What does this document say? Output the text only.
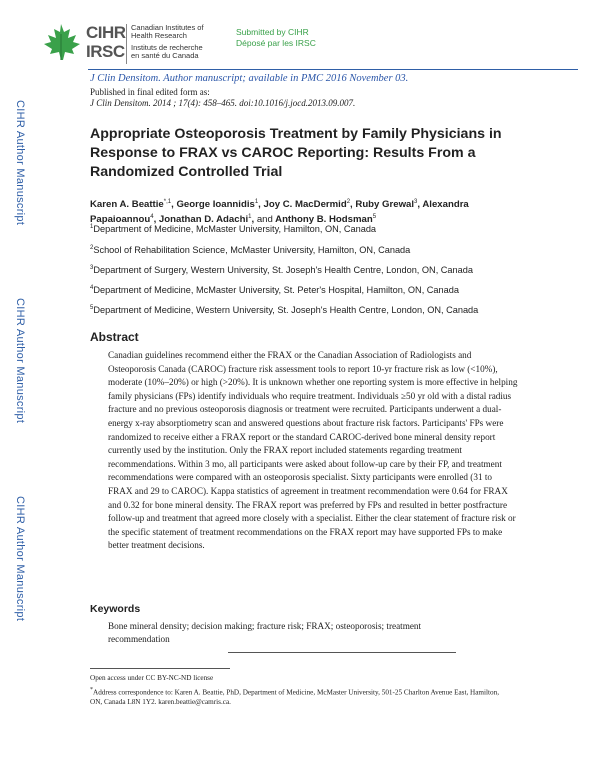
CIHR
IRSC
Canadian Institutes of
Health Research
Instituts de recherche
en santé du Canada
Submitted by CIHR
Déposé par les IRSC
J Clin Densitom. Author manuscript; available in PMC 2016 November 03.
Published in final edited form as:
J Clin Densitom. 2014 ; 17(4): 458–465. doi:10.1016/j.jocd.2013.09.007.
CIHR Author Manuscript
CIHR Author Manuscript
CIHR Author Manuscript
Appropriate Osteoporosis Treatment by Family Physicians in Response to FRAX vs CAROC Reporting: Results From a Randomized Controlled Trial
Karen A. Beattie$^{*,1}$, George Ioannidis$^1$, Joy C. MacDermid$^2$, Ruby Grewal$^3$, Alexandra Papaioannou$^4$, Jonathan D. Adachi$^1$, and Anthony B. Hodsman$^5$
$^1$Department of Medicine, McMaster University, Hamilton, ON, Canada
$^2$School of Rehabilitation Science, McMaster University, Hamilton, ON, Canada
$^3$Department of Surgery, Western University, St. Joseph's Health Centre, London, ON, Canada
$^4$Department of Medicine, McMaster University, St. Peter's Hospital, Hamilton, ON, Canada
$^5$Department of Medicine, Western University, St. Joseph's Health Centre, London, ON, Canada
Abstract

Canadian guidelines recommend either the FRAX or the Canadian Association of Radiologists and Osteoporosis Canada (CAROC) fracture risk assessment tools to report 10-yr fracture risk as low (<10%), moderate (10%–20%) or high (>20%). It is unknown whether one reporting system is more effective in helping family physicians (FPs) identify individuals who require treatment. Individuals ≥50 yr old with a distal radius fracture and no previous osteoporosis diagnosis or treatment were recruited. Participants underwent a dual-energy x-ray absorptiometry scan and answered questions about fracture risk factors. Participants' FPs were randomized to receive either a FRAX report or the standard CAROC-derived bone mineral density report currently used by the institution. Only the FRAX report included statements regarding treatment recommendations. Within 3 mo, all participants were asked about follow-up care by their FP, and treatment recommendations were compared with an osteoporosis specialist. Sixty participants were enrolled (31 to FRAX and 29 to CAROC). Kappa statistics of agreement in treatment recommendation were 0.64 for FRAX and 0.32 for bone mineral density. The FRAX report was preferred by FPs and resulted in better postfracture follow-up and treatment that agreed more closely with a specialist. Either the clear statement of fracture risk or the specific statement of treatment recommendations on the FRAX report may have supported FPs to make better treatment decisions.

Keywords

Bone mineral density; decision making; fracture risk; FRAX; osteoporosis; treatment recommendation

Open access under CC BY-NC-ND license

*Address correspondence to: Karen A. Beattie, PhD, Department of Medicine, McMaster University, 501-25 Charlton Avenue East, Hamilton, ON, Canada L8N 1Y2. karen.beattie@camris.ca.
